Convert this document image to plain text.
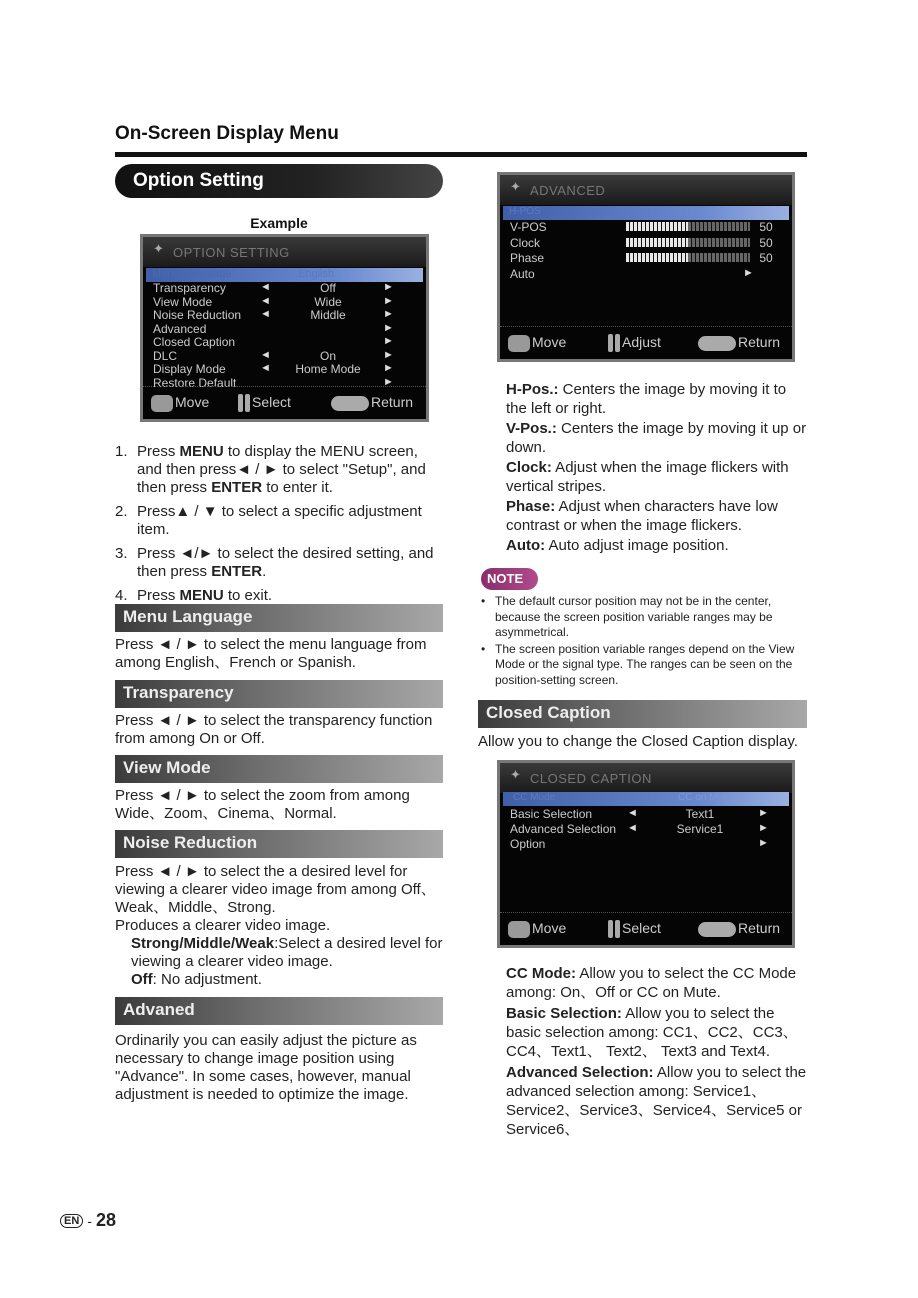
On-Screen Display Menu
Option Setting
Example
✦ OPTION SETTING
Menu Language	English
Transparency	◄	Off	►
View Mode	◄	Wide	►
Noise Reduction ◄	Middle	►
Advanced	►
Closed Caption	►
DLC	◄	On	►
Display Mode	◄	Home Mode	►
Restore Default	►
Move	Select	Return
1. Press MENU to display the MENU screen, and then press◄ / ► to select "Setup", and then press ENTER to enter it.
2. Press▲ / ▼ to select a specific adjustment item.
3. Press ◄/► to select the desired setting, and then press ENTER.
4. Press MENU to exit.
Menu Language
Press ◄ / ► to select the menu language from among English、French or Spanish.
Transparency
Press ◄ / ► to select the transparency function from among On or Off.
View Mode
Press ◄ / ► to select the zoom from among Wide、Zoom、Cinema、Normal.
Noise Reduction
Press ◄ / ► to select the a desired level for viewing a clearer video image from among Off、Weak、Middle、Strong.
Produces a clearer video image.
Strong/Middle/Weak:Select a desired level for viewing a clearer video image.
Off: No adjustment.
Advaned
Ordinarily you can easily adjust the picture as necessary to change image position using "Advance". In some cases, however, manual adjustment is needed to optimize the image.
✦ ADVANCED
H-POS
V-POS	50
Clock	50
Phase	50
Auto	►
Move	Adjust	Return
H-Pos.: Centers the image by moving it to the left or right.
V-Pos.: Centers the image by moving it up or down.
Clock: Adjust when the image flickers with vertical stripes.
Phase: Adjust when characters have low contrast or when the image flickers.
Auto: Auto adjust image position.
NOTE
• The default cursor position may not be in the center, because the screen position variable ranges may be asymmetrical.
• The screen position variable ranges depend on the View Mode or the signal type. The ranges can be seen on the position-setting screen.
Closed Caption
Allow you to change the Closed Caption display.
✦ CLOSED CAPTION
CC Mode	CC on Mute
Basic Selection	◄	Text1	►
Advanced Selection ◄	Service1	►
Option	►
Move	Select	Return
CC Mode: Allow you to select the CC Mode among: On、Off or CC on Mute.
Basic Selection: Allow you to select the basic selection among: CC1、CC2、CC3、CC4、Text1、 Text2、 Text3 and Text4.
Advanced Selection: Allow you to select the advanced selection among: Service1、Service2、Service3、Service4、Service5 or Service6、
EN - 28
